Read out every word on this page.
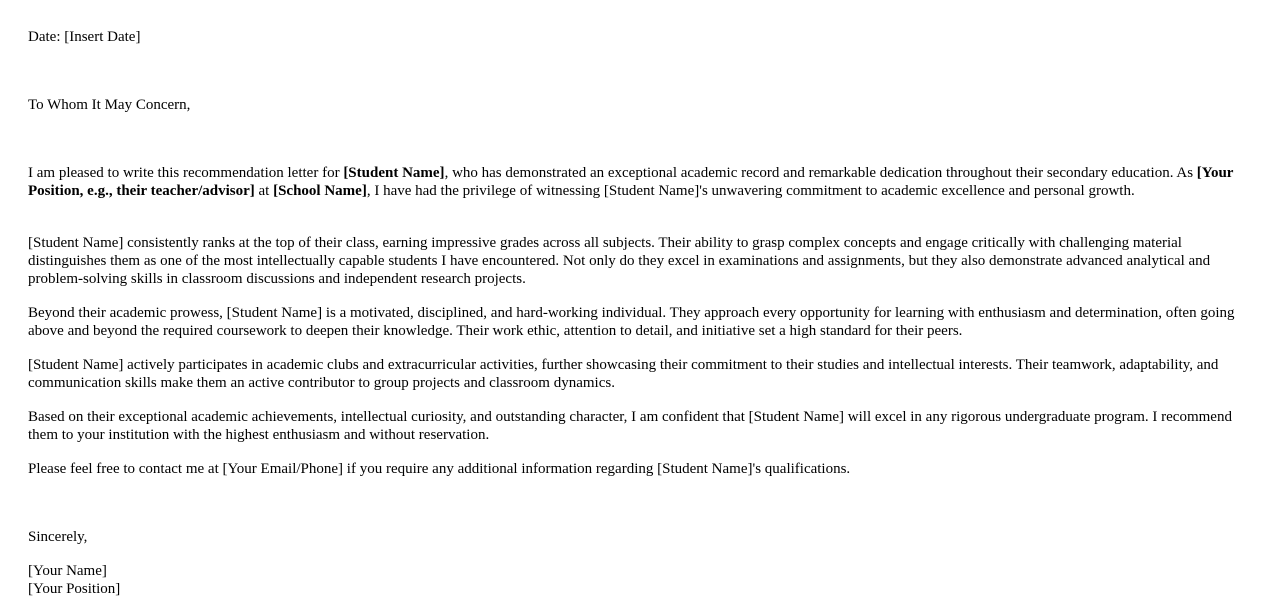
Date: [Insert Date]

To Whom It May Concern,

I am pleased to write this recommendation letter for [Student Name], who has demonstrated an exceptional academic record and remarkable dedication throughout their secondary education. As [Your Position, e.g., their teacher/advisor] at [School Name], I have had the privilege of witnessing [Student Name]'s unwavering commitment to academic excellence and personal growth.

[Student Name] consistently ranks at the top of their class, earning impressive grades across all subjects. Their ability to grasp complex concepts and engage critically with challenging material distinguishes them as one of the most intellectually capable students I have encountered. Not only do they excel in examinations and assignments, but they also demonstrate advanced analytical and problem-solving skills in classroom discussions and independent research projects.

Beyond their academic prowess, [Student Name] is a motivated, disciplined, and hard-working individual. They approach every opportunity for learning with enthusiasm and determination, often going above and beyond the required coursework to deepen their knowledge. Their work ethic, attention to detail, and initiative set a high standard for their peers.

[Student Name] actively participates in academic clubs and extracurricular activities, further showcasing their commitment to their studies and intellectual interests. Their teamwork, adaptability, and communication skills make them an active contributor to group projects and classroom dynamics.

Based on their exceptional academic achievements, intellectual curiosity, and outstanding character, I am confident that [Student Name] will excel in any rigorous undergraduate program. I recommend them to your institution with the highest enthusiasm and without reservation.

Please feel free to contact me at [Your Email/Phone] if you require any additional information regarding [Student Name]'s qualifications.

Sincerely,

[Your Name]

[Your Position]
